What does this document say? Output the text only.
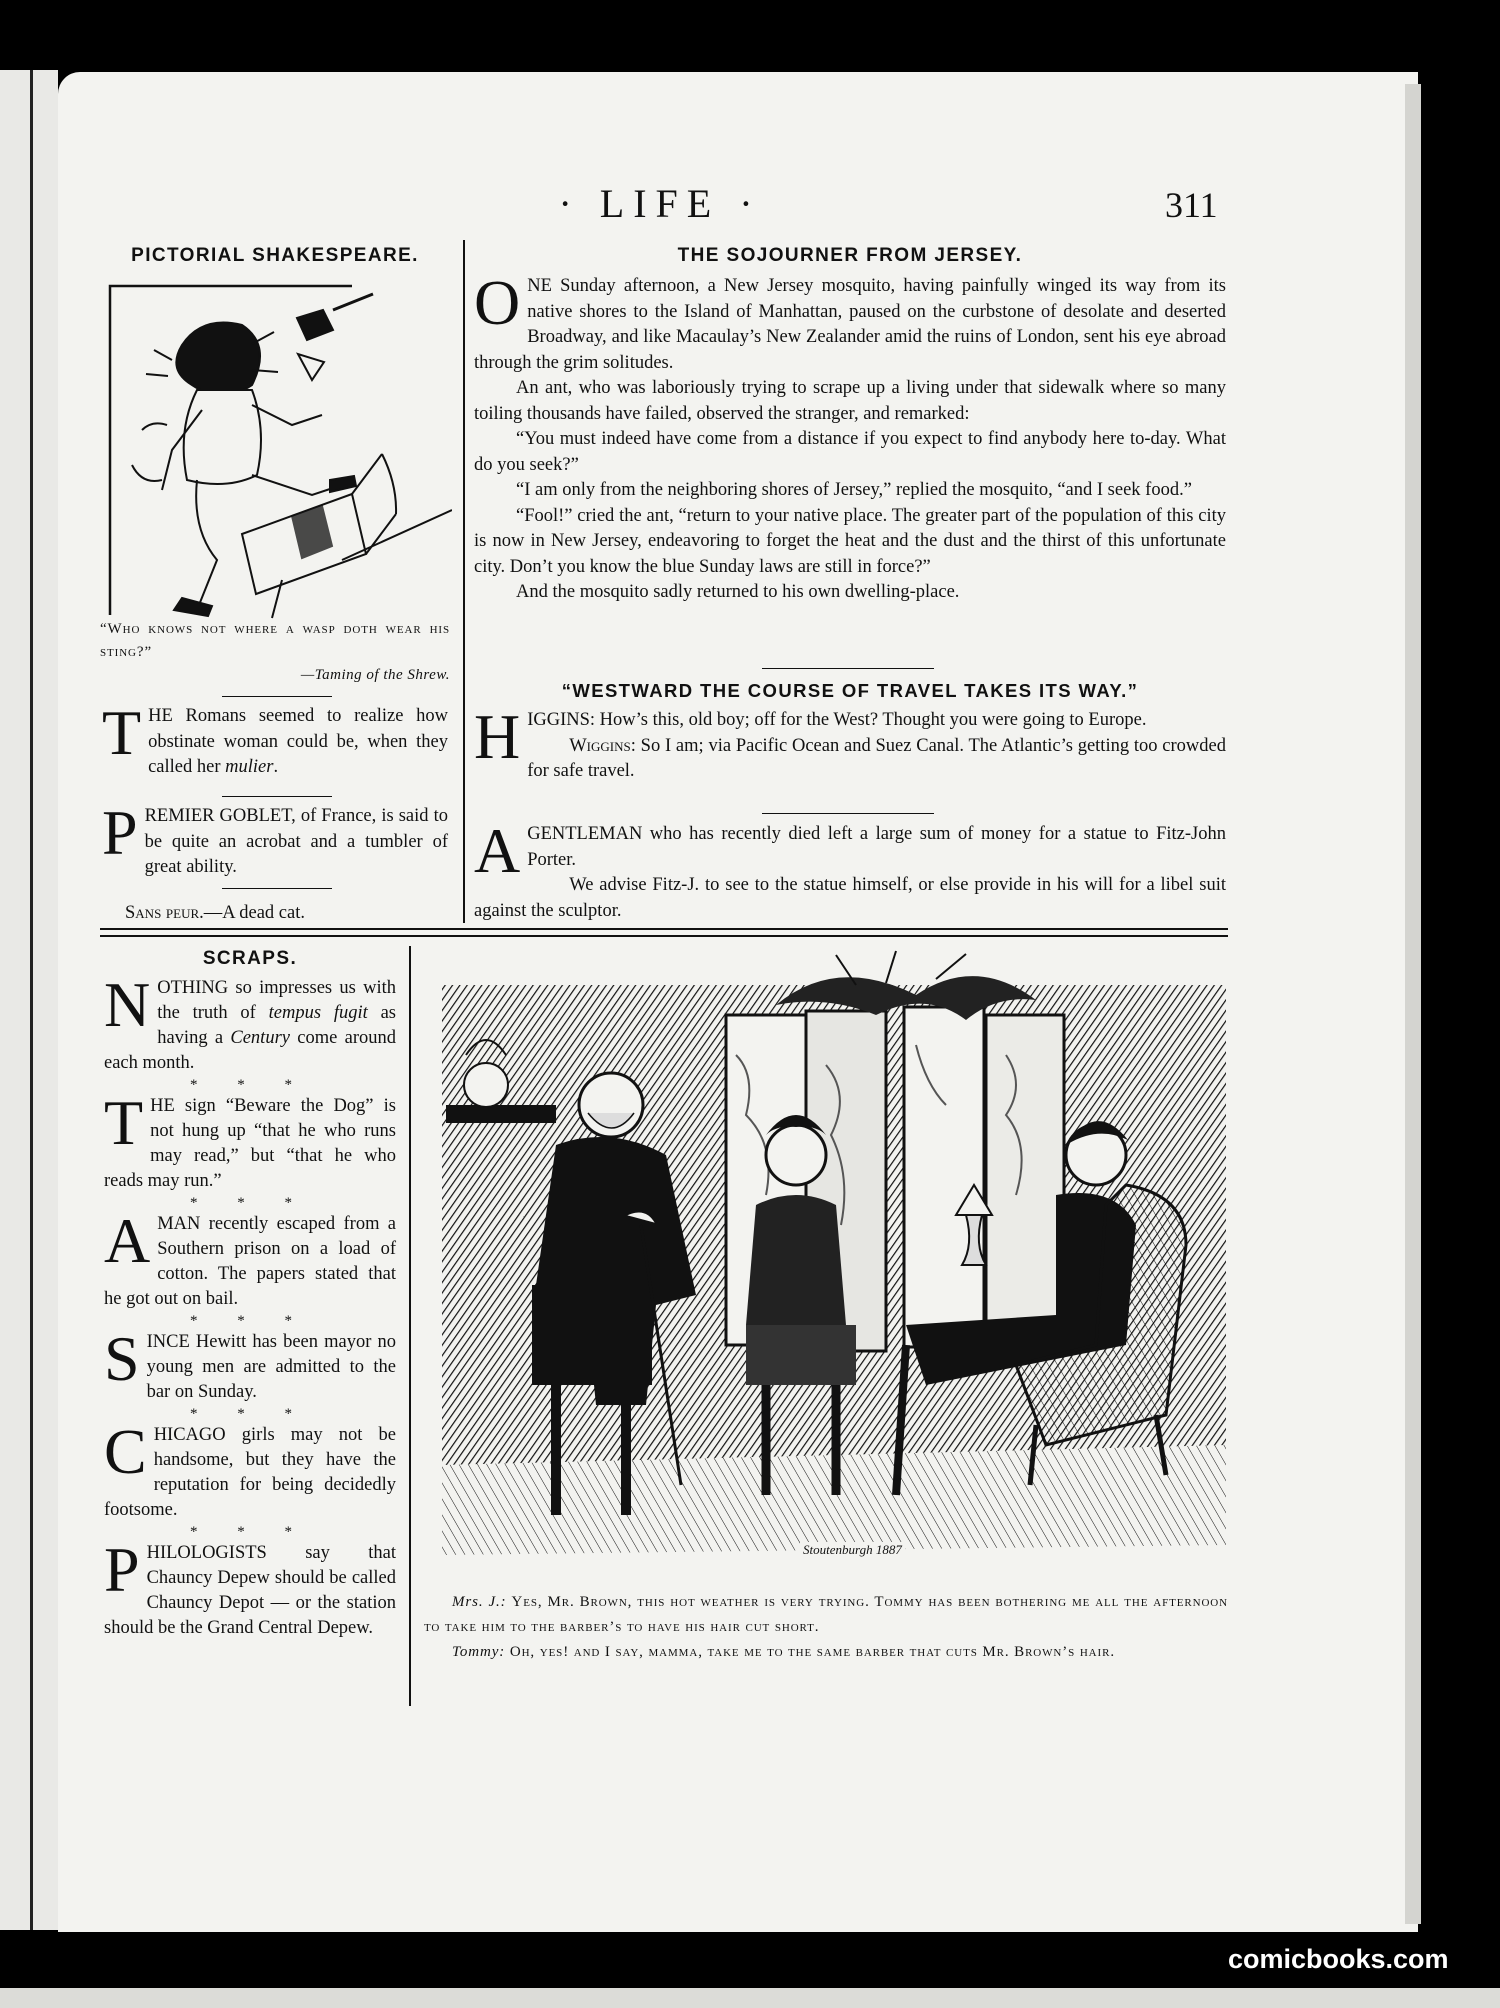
· LIFE ·	311
PICTORIAL SHAKESPEARE.

“Who knows not where a wasp doth wear his sting?”

—Taming of the Shrew.

THE Romans seemed to realize how obstinate woman could be, when they called her mulier.

PREMIER GOBLET, of France, is said to be quite an acrobat and a tumbler of great ability.

Sans peur.—A dead cat.

THE SOJOURNER FROM JERSEY.

ONE Sunday afternoon, a New Jersey mosquito, having painfully winged its way from its native shores to the Island of Manhattan, paused on the curbstone of desolate and deserted Broadway, and like Macaulay’s New Zealander amid the ruins of London, sent his eye abroad through the grim solitudes.

An ant, who was laboriously trying to scrape up a living under that sidewalk where so many toiling thousands have failed, observed the stranger, and remarked:

“You must indeed have come from a distance if you expect to find anybody here to-day. What do you seek?”

“I am only from the neighboring shores of Jersey,” replied the mosquito, “and I seek food.”

“Fool!” cried the ant, “return to your native place. The greater part of the population of this city is now in New Jersey, endeavoring to forget the heat and the dust and the thirst of this unfortunate city. Don’t you know the blue Sunday laws are still in force?”

And the mosquito sadly returned to his own dwelling-place.

“WESTWARD THE COURSE OF TRAVEL TAKES ITS WAY.”

HIGGINS: How’s this, old boy; off for the West? Thought you were going to Europe.

Wiggins: So I am; via Pacific Ocean and Suez Canal. The Atlantic’s getting too crowded for safe travel.

AGENTLEMAN who has recently died left a large sum of money for a statue to Fitz-John Porter.

We advise Fitz-J. to see to the statue himself, or else provide in his will for a libel suit against the sculptor.

SCRAPS.

NOTHING so impresses us with the truth of tempus fugit as having a Century come around each month.

* * *

THE sign “Beware the Dog” is not hung up “that he who runs may read,” but “that he who reads may run.”

* * *

AMAN recently escaped from a Southern prison on a load of cotton. The papers stated that he got out on bail.

* * *

SINCE Hewitt has been mayor no young men are admitted to the bar on Sunday.

* * *

CHICAGO girls may not be handsome, but they have the reputation for being decidedly footsome.

* * *

PHILOLOGISTS say that Chauncy Depew should be called Chauncy Depot — or the station should be the Grand Central Depew.

Stoutenburgh 1887

Mrs. J.: Yes, Mr. Brown, this hot weather is very trying. Tommy has been bothering me all the afternoon to take him to the barber’s to have his hair cut short.

Tommy: Oh, yes! and I say, mamma, take me to the same barber that cuts Mr. Brown’s hair.

comicbooks.com
